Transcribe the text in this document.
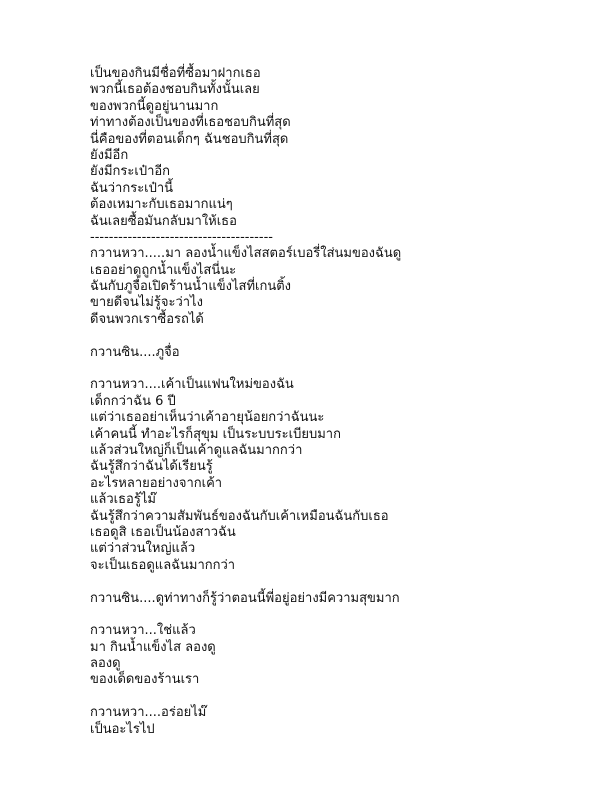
เป็นของกินมีชื่อที่ซื้อมาฝากเธอ
พวกนี้เธอต้องชอบกินทั้งนั้นเลย
ของพวกนี้ดูอยู่นานมาก
ท่าทางต้องเป็นของที่เธอชอบกินที่สุด
นี่คือของที่ตอนเด็กๆ ฉันชอบกินที่สุด
ยังมีอีก
ยังมีกระเป๋าอีก
ฉันว่ากระเป๋านี้
ต้องเหมาะกับเธอมากแน่ๆ
ฉันเลยซื้อมันกลับมาให้เธอ
---------------------------------------
กวานหวา.....มา ลองน้ำแข็งไสสตอร์เบอรี่ใส่นมของฉันดู
เธออย่าดูถูกน้ำแข็งไสนี่นะ
ฉันกับภูจื่อเปิดร้านน้ำแข็งไสที่เกนติ้ง
ขายดีจนไม่รู้จะว่าไง
ดีจนพวกเราซื้อรถได้
กวานซิน....ภูจื่อ
กวานหวา....เค้าเป็นแฟนใหม่ของฉัน
เด็กกว่าฉัน 6 ปี
แต่ว่าเธออย่าเห็นว่าเค้าอายุน้อยกว่าฉันนะ
เค้าคนนี้ ทำอะไรก็สุขุม เป็นระบบระเบียบมาก
แล้วส่วนใหญ่ก็เป็นเค้าดูแลฉันมากกว่า
ฉันรู้สึกว่าฉันได้เรียนรู้
อะไรหลายอย่างจากเค้า
แล้วเธอรู้ไม๊
ฉันรู้สึกว่าความสัมพันธ์ของฉันกับเค้าเหมือนฉันกับเธอ
เธอดูสิ เธอเป็นน้องสาวฉัน
แต่ว่าส่วนใหญ่แล้ว
จะเป็นเธอดูแลฉันมากกว่า
กวานซิน....ดูท่าทางก็รู้ว่าตอนนี้พี่อยู่อย่างมีความสุขมาก
กวานหวา...ใช่แล้ว
มา กินน้ำแข็งไส ลองดู
ลองดู
ของเด็ดของร้านเรา
กวานหวา....อร่อยไม๊
เป็นอะไรไป
